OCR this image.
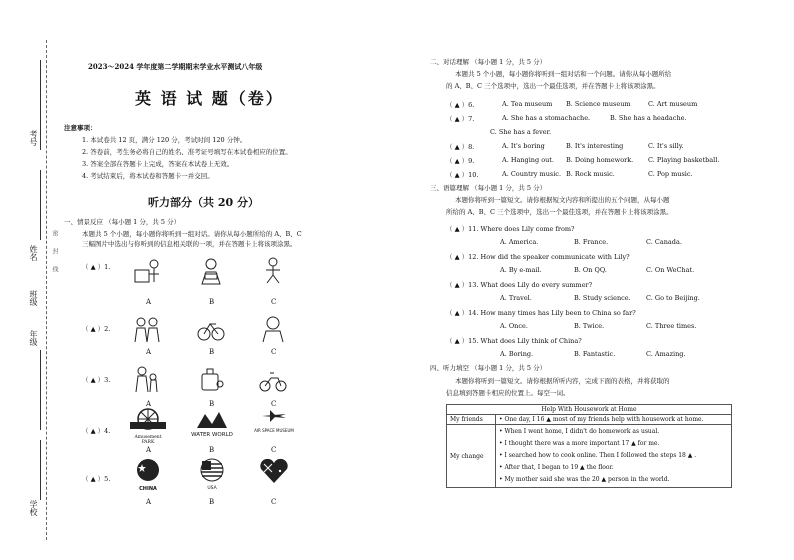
考号
姓名
班级
年级
学校
密　　封　　线
2023～2024 学年度第二学期期末学业水平测试八年级
英 语 试 题（卷）
注意事项：
1. 本试卷共 12 页，满分 120 分，考试时间 120 分钟。
2. 答卷前，考生务必将自己的姓名、准考证号填写在本试卷相应的位置。
3. 答案全部在答题卡上完成，答案在本试卷上无效。
4. 考试结束后，将本试卷和答题卡一并交回。
听力部分（共 20 分）
一、情景反应 （每小题 1 分，共 5 分）
本题共 5 个小题，每小题你将听到一组对话。请你从每小题所给的 A、B、C
三幅图片中选出与你听到的信息相关联的一项，并在答题卡上将该项涂黑。
（ ▲ ）1.
A	B	C
（ ▲ ）2.
A	B	C
（ ▲ ）3.
A	B	C
（ ▲ ）4.
Amusement PARK
WATER WORLD
AIR SPACE MUSEUM
A	B	C
（ ▲ ）5.
CHINA	USA
A	B	C
二、对话理解 （每小题 1 分，共 5 分）
本题共 5 个小题，每小题你将听到一组对话和一个问题。请你从每小题所给
的 A、B、C 三个选项中，选出一个最佳选项，并在答题卡上将该项涂黑。
（ ▲ ）6.	A. Tea museum B. Science museum	C. Art museum
（ ▲ ）7.	A. She has a stomachache.	B. She has a headache.
C. She has a fever.
（ ▲ ）8.	A. It's boring	B. It's interesting	C. It's silly.
（ ▲ ）9.	A. Hanging out. B. Doing homework. C. Playing basketball.
（ ▲ ）10.	A. Country music. B. Rock music.	C. Pop music.
三、语篇理解 （每小题 1 分，共 5 分）
本题你将听到一篇短文。请你根据短文内容和所提出的五个问题，从每小题
所给的 A、B、C 三个选项中，选出一个最佳选项，并在答题卡上将该项涂黑。
（ ▲ ）11. Where does Lily come from?
A. America.	B. France.	C. Canada.
（ ▲ ）12. How did the speaker communicate with Lily?
A. By e-mail.	B. On QQ.	C. On WeChat.
（ ▲ ）13. What does Lily do every summer?
A. Travel.	B. Study science. C. Go to Beijing.
（ ▲ ）14. How many times has Lily been to China so far?
A. Once.	B. Twice.	C. Three times.
（ ▲ ）15. What does Lily think of China?
A. Boring.	B. Fantastic.	C. Amazing.
四、听力填空 （每小题 1 分，共 5 分）
本题你将听到一篇短文。请你根据所听内容，完成下面的表格，并将获取的
信息填到答题卡相应的位置上。每空一词。
Help With Housework at Home	
My friends	• One day, I 16 ▲ most of my friends help with housework at home.
My change	• When I went home, I didn't do homework as usual.
• I thought there was a more important 17 ▲ for me.
• I searched how to cook online. Then I followed the steps 18 ▲ .
• After that, I began to 19 ▲ the floor.
• My mother said she was the 20 ▲ person in the world.
